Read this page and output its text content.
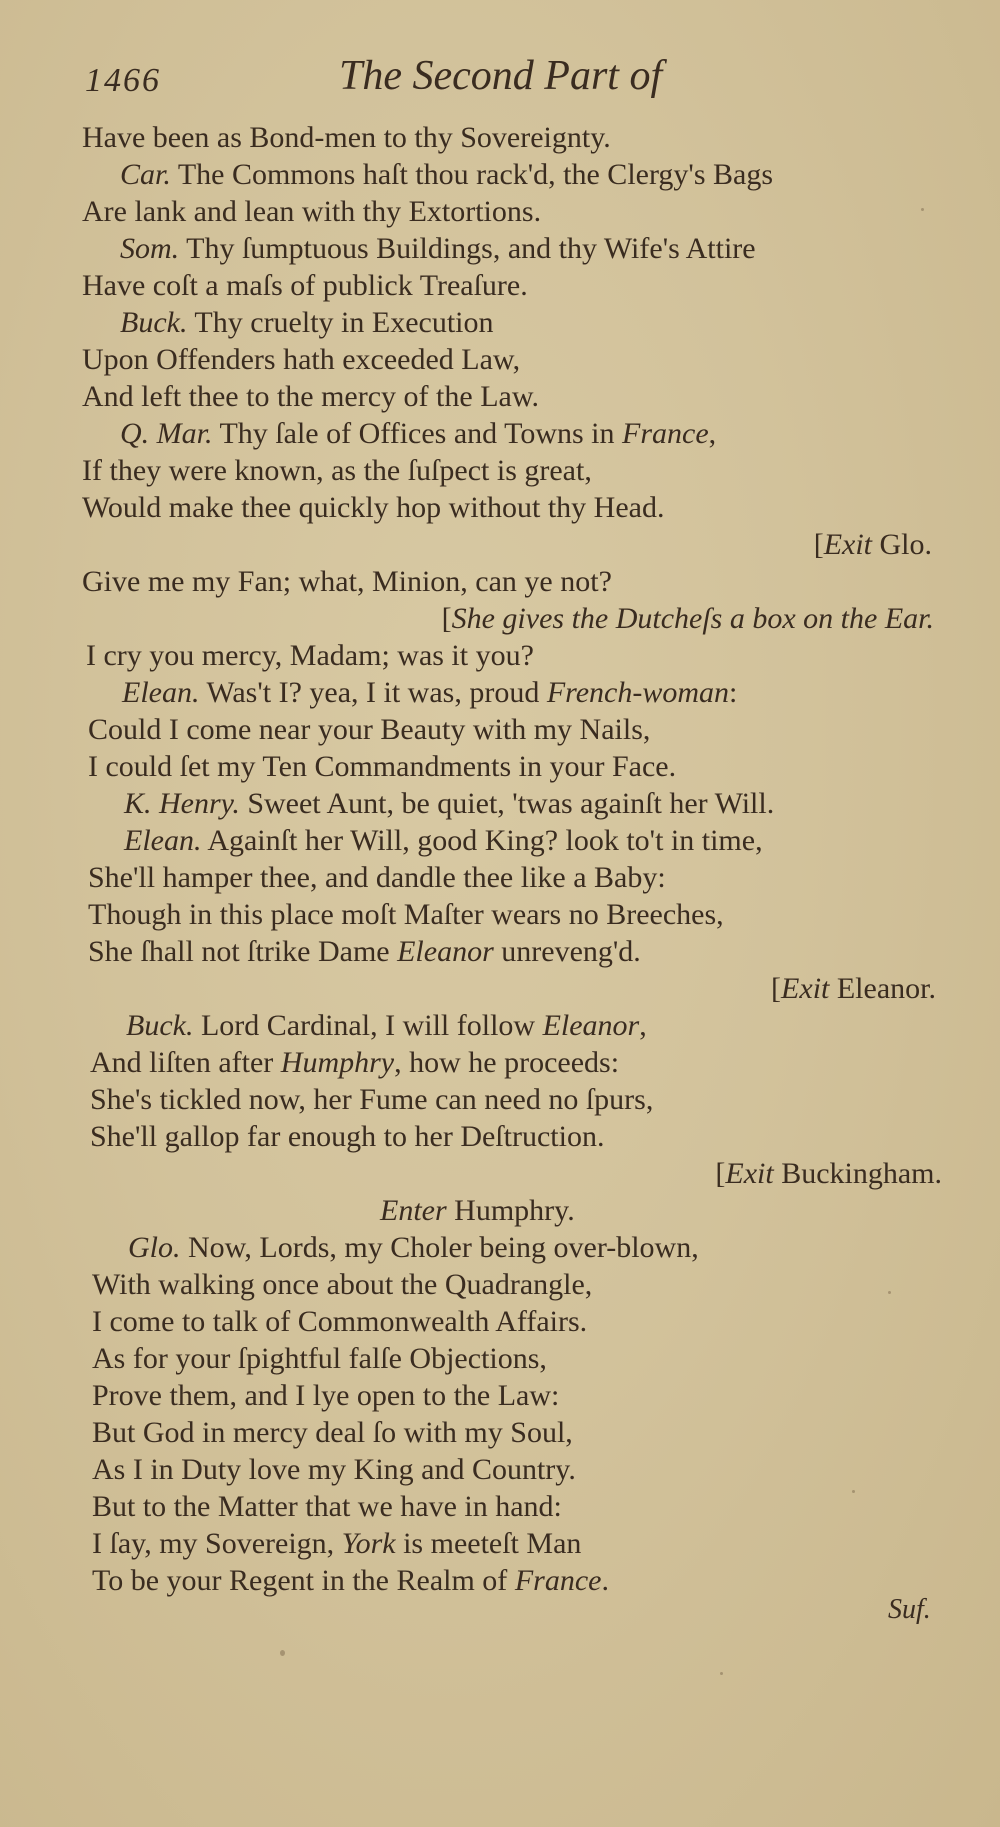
1466	The Second Part of
Have been as Bond-men to thy Sovereignty.
Car. The Commons haſt thou rack'd, the Clergy's Bags
Are lank and lean with thy Extortions.
Som. Thy ſumptuous Buildings, and thy Wife's Attire
Have coſt a maſs of publick Treaſure.
Buck. Thy cruelty in Execution
Upon Offenders hath exceeded Law,
And left thee to the mercy of the Law.
Q. Mar. Thy ſale of Offices and Towns in France,
If they were known, as the ſuſpect is great,
Would make thee quickly hop without thy Head.
[Exit Glo.
Give me my Fan; what, Minion, can ye not?
[She gives the Dutcheſs a box on the Ear.
I cry you mercy, Madam; was it you?
Elean. Was't I? yea, I it was, proud French-woman:
Could I come near your Beauty with my Nails,
I could ſet my Ten Commandments in your Face.
K. Henry. Sweet Aunt, be quiet, 'twas againſt her Will.
Elean. Againſt her Will, good King? look to't in time,
She'll hamper thee, and dandle thee like a Baby:
Though in this place moſt Maſter wears no Breeches,
She ſhall not ſtrike Dame Eleanor unreveng'd.
[Exit Eleanor.
Buck. Lord Cardinal, I will follow Eleanor,
And liſten after Humphry, how he proceeds:
She's tickled now, her Fume can need no ſpurs,
She'll gallop far enough to her Deſtruction.
[Exit Buckingham.
Enter Humphry.
Glo. Now, Lords, my Choler being over-blown,
With walking once about the Quadrangle,
I come to talk of Commonwealth Affairs.
As for your ſpightful falſe Objections,
Prove them, and I lye open to the Law:
But God in mercy deal ſo with my Soul,
As I in Duty love my King and Country.
But to the Matter that we have in hand:
I ſay, my Sovereign, York is meeteſt Man
To be your Regent in the Realm of France.
Suf.
